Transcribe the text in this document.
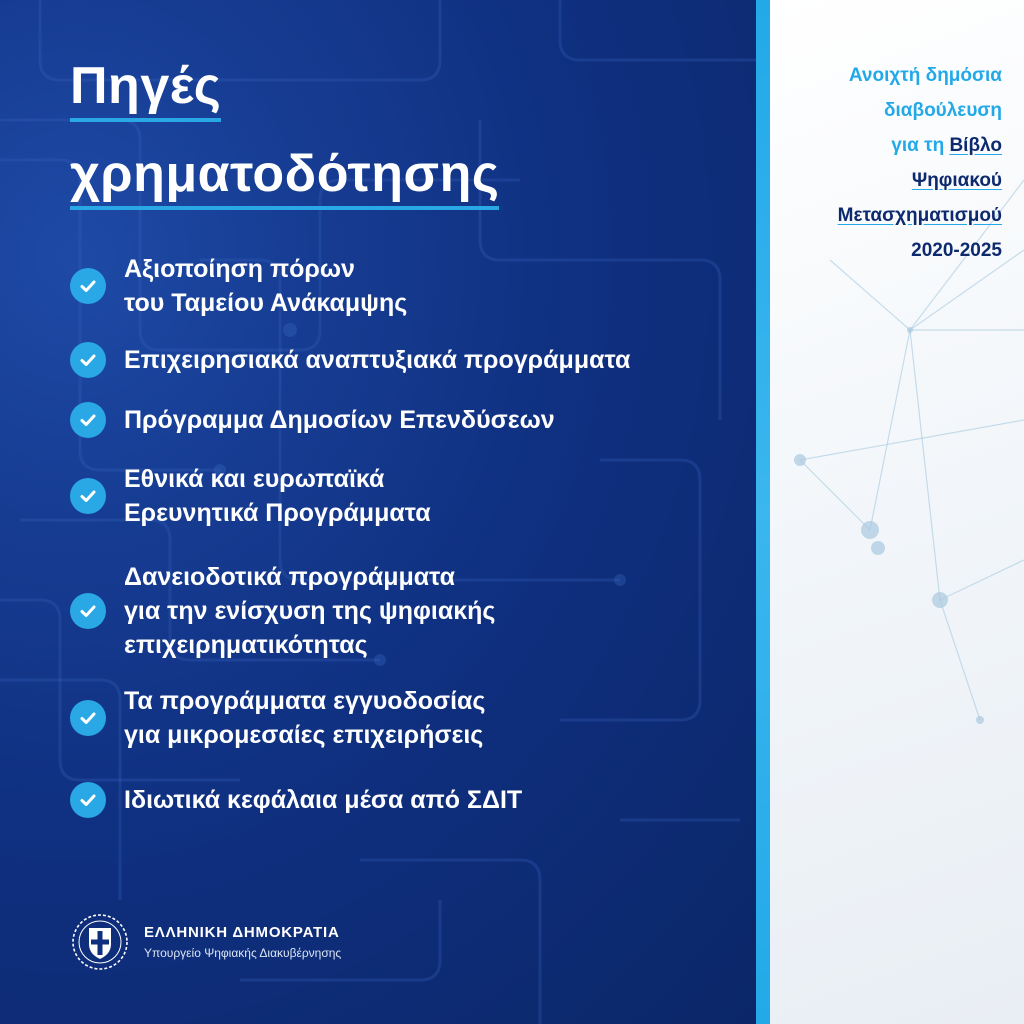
Ανοιχτή δημόσια
διαβούλευση
για τη Βίβλο
Ψηφιακού
Μετασχηματισμού
2020-2025
Πηγές
χρηματοδότησης
Αξιοποίηση πόρων
του Ταμείου Ανάκαμψης
Επιχειρησιακά αναπτυξιακά προγράμματα
Πρόγραμμα Δημοσίων Επενδύσεων
Εθνικά και ευρωπαϊκά
Ερευνητικά Προγράμματα
Δανειοδοτικά προγράμματα
για την ενίσχυση της ψηφιακής
επιχειρηματικότητας
Τα προγράμματα εγγυοδοσίας
για μικρομεσαίες επιχειρήσεις
Ιδιωτικά κεφάλαια μέσα από ΣΔΙΤ
ΕΛΛΗΝΙΚΗ ΔΗΜΟΚΡΑΤΙΑ
Υπουργείο Ψηφιακής Διακυβέρνησης
